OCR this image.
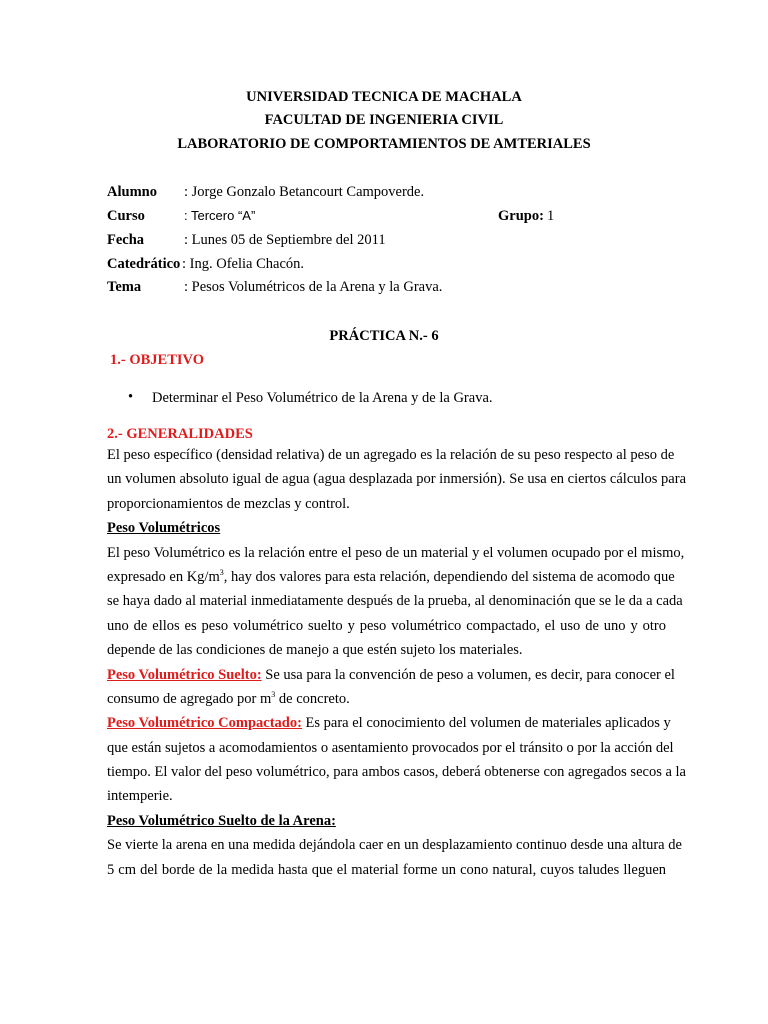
UNIVERSIDAD TECNICA DE MACHALA
FACULTAD DE INGENIERIA CIVIL
LABORATORIO DE COMPORTAMIENTOS DE AMTERIALES
Alumno : Jorge Gonzalo Betancourt Campoverde.
Curso	: Tercero “A”	Grupo: 1
Fecha	: Lunes 05 de Septiembre del 2011
Catedrático : Ing. Ofelia Chacón.
Tema	: Pesos Volumétricos de la Arena y la Grava.
PRÁCTICA N.- 6
1.- OBJETIVO
• Determinar el Peso Volumétrico de la Arena y de la Grava.
2.- GENERALIDADES
El peso específico (densidad relativa) de un agregado es la relación de su peso respecto al peso de
un volumen absoluto igual de agua (agua desplazada por inmersión). Se usa en ciertos cálculos para
proporcionamientos de mezclas y control.
Peso Volumétricos
El peso Volumétrico es la relación entre el peso de un material y el volumen ocupado por el mismo,
expresado en $Kg/m^3$, hay dos valores para esta relación, dependiendo del sistema de acomodo que
se haya dado al material inmediatamente después de la prueba, al denominación que se le da a cada
uno de ellos es peso volumétrico suelto y peso volumétrico compactado, el uso de uno y otro
depende de las condiciones de manejo a que estén sujeto los materiales.
Peso Volumétrico Suelto: Se usa para la convención de peso a volumen, es decir, para conocer el
consumo de agregado por $m^3$ de concreto.
Peso Volumétrico Compactado: Es para el conocimiento del volumen de materiales aplicados y
que están sujetos a acomodamientos o asentamiento provocados por el tránsito o por la acción del
tiempo. El valor del peso volumétrico, para ambos casos, deberá obtenerse con agregados secos a la
intemperie.
Peso Volumétrico Suelto de la Arena:
Se vierte la arena en una medida dejándola caer en un desplazamiento continuo desde una altura de
5 cm del borde de la medida hasta que el material forme un cono natural, cuyos taludes lleguen
